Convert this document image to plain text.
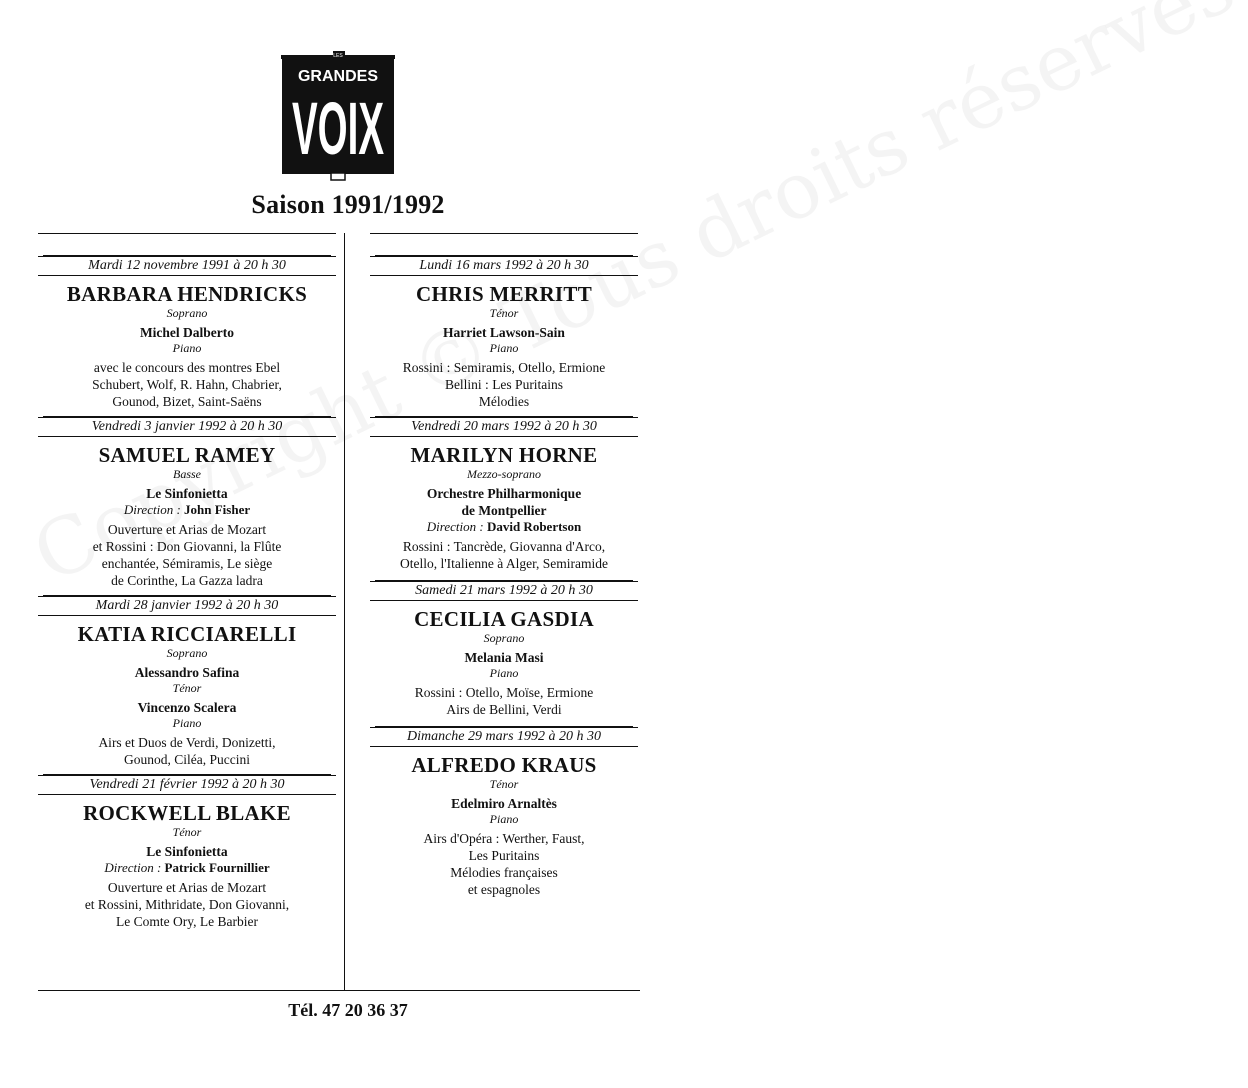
LES
GRANDES
VOIX
Saison 1991/1992
Mardi 12 novembre 1991 à 20 h 30
BARBARA HENDRICKS
Soprano
Michel Dalberto
Piano
avec le concours des montres Ebel
Schubert, Wolf, R. Hahn, Chabrier,
Gounod, Bizet, Saint-Saëns
Vendredi 3 janvier 1992 à 20 h 30
SAMUEL RAMEY
Basse
Le Sinfonietta
Direction : John Fisher
Ouverture et Arias de Mozart
et Rossini : Don Giovanni, la Flûte
enchantée, Sémiramis, Le siège
de Corinthe, La Gazza ladra
Mardi 28 janvier 1992 à 20 h 30
KATIA RICCIARELLI
Soprano
Alessandro Safina
Ténor
Vincenzo Scalera
Piano
Airs et Duos de Verdi, Donizetti,
Gounod, Ciléa, Puccini
Vendredi 21 février 1992 à 20 h 30
ROCKWELL BLAKE
Ténor
Le Sinfonietta
Direction : Patrick Fournillier
Ouverture et Arias de Mozart
et Rossini, Mithridate, Don Giovanni,
Le Comte Ory, Le Barbier
Lundi 16 mars 1992 à 20 h 30
CHRIS MERRITT
Ténor
Harriet Lawson-Sain
Piano
Rossini : Semiramis, Otello, Ermione
Bellini : Les Puritains
Mélodies
Vendredi 20 mars 1992 à 20 h 30
MARILYN HORNE
Mezzo-soprano
Orchestre Philharmonique
de Montpellier
Direction : David Robertson
Rossini : Tancrède, Giovanna d'Arco,
Otello, l'Italienne à Alger, Semiramide
Samedi 21 mars 1992 à 20 h 30
CECILIA GASDIA
Soprano
Melania Masi
Piano
Rossini : Otello, Moïse, Ermione
Airs de Bellini, Verdi
Dimanche 29 mars 1992 à 20 h 30
ALFREDO KRAUS
Ténor
Edelmiro Arnaltès
Piano
Airs d'Opéra : Werther, Faust,
Les Puritains
Mélodies françaises
et espagnoles
Tél. 47 20 36 37
